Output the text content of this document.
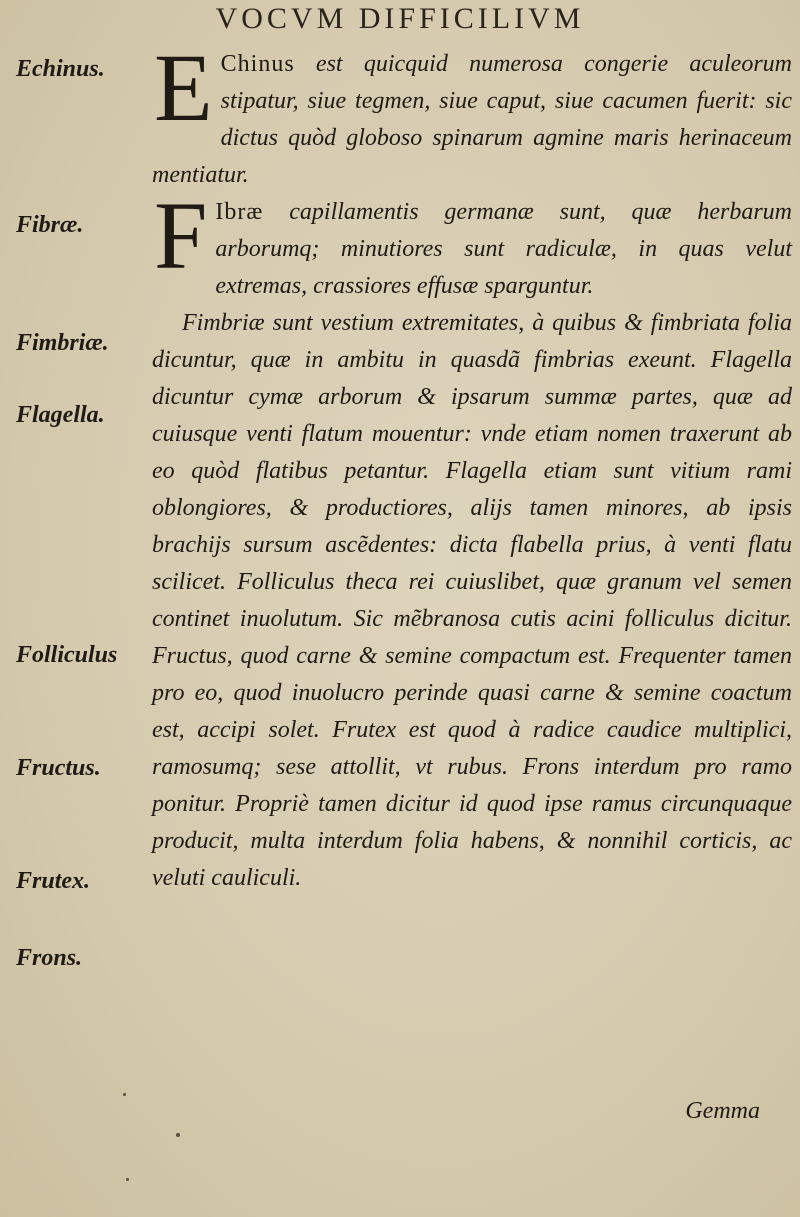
VOCVM DIFFICILIVM
Echinus.
Fibræ.
Fimbriæ.
Flagella.
Folliculus
Fructus.
Frutex.
Frons.

E Chinus est quicquid numerosa congerie aculeorum stipatur, siue tegmen, siue caput, siue cacumen fuerit: sic dictus quòd globoso spinarum agmine maris herinaceum mentiatur.

F Ibræ capillamentis germanæ sunt, quæ herbarum arborumq; minutiores sunt radiculæ, in quas velut extremas, crassiores effusæ sparguntur.

Fimbriæ sunt vestium extremitates, à quibus & fimbriata folia dicuntur, quæ in ambitu in quasdã fimbrias exeunt. Flagella dicuntur cymæ arborum & ipsarum summæ partes, quæ ad cuiusque venti flatum mouentur: vnde etiam nomen traxerunt ab eo quòd flatibus petantur. Flagella etiam sunt vitium rami oblongiores, & productiores, alijs tamen minores, ab ipsis brachijs sursum ascẽdentes: dicta flabella prius, à venti flatu scilicet. Folliculus theca rei cuiuslibet, quæ granum vel semen continet inuolutum. Sic mẽbranosa cutis acini folliculus dicitur. Fructus, quod carne & semine compactum est. Frequenter tamen pro eo, quod inuolucro perinde quasi carne & semine coactum est, accipi solet. Frutex est quod à radice caudice multiplici, ramosumq; sese attollit, vt rubus. Frons interdum pro ramo ponitur. Propriè tamen dicitur id quod ipse ramus circunquaque producit, multa interdum folia habens, & nonnihil corticis, ac veluti cauliculi.

Gemma
